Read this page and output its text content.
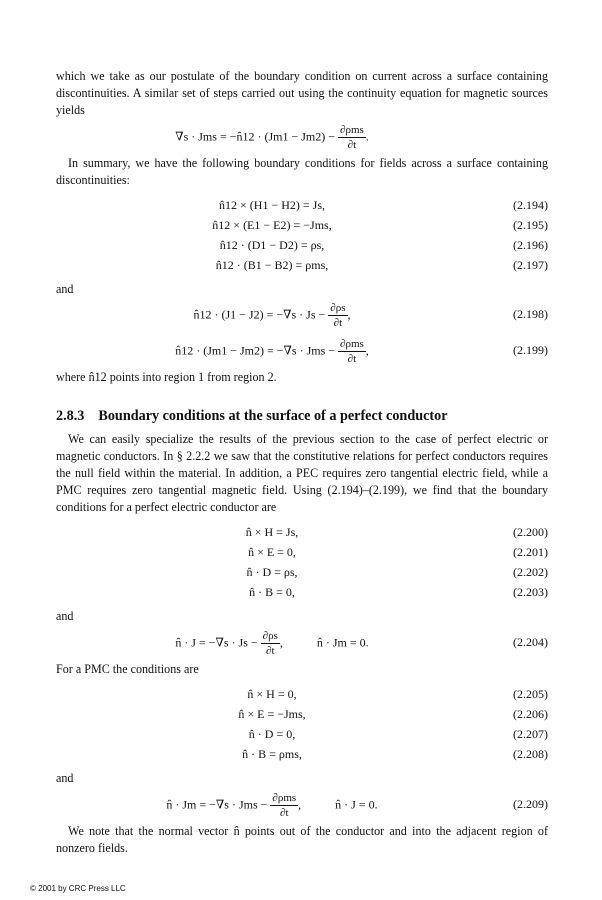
which we take as our postulate of the boundary condition on current across a surface containing discontinuities. A similar set of steps carried out using the continuity equation for magnetic sources yields

∇s · Jms = −n̂12 · $(Jm1 - Jm2) - \frac{\text{∂ρms}}{\partial t}$ .

In summary, we have the following boundary conditions for fields across a surface containing discontinuities:

n̂12 × (H1 − H2) = Js,	(2.194)
n̂12 × (E1 − E2) = −Jms,	(2.195)
n̂12 · (D1 − D2) = ρs,	(2.196)
n̂12 · (B1 − B2) = ρms,	(2.197)

and

n̂12 · $(J1 - J2) = -\nabla s \cdot Js - \frac{\partial\rho s}{\partial t}$ ,	(2.198)
n̂12 · (Jm1 − Jm2) = −∇s · Jms − $\frac{\text{∂ρms}}{\partial t}$ ,	(2.199)

where n̂12 points into region 1 from region 2.

2.8.3 Boundary conditions at the surface of a perfect conductor

We can easily specialize the results of the previous section to the case of perfect electric or magnetic conductors. In § 2.2.2 we saw that the constitutive relations for perfect conductors requires the null field within the material. In addition, a PEC requires zero tangential electric field, while a PMC requires zero tangential magnetic field. Using (2.194)–(2.199), we find that the boundary conditions for a perfect electric conductor are

n̂ × H = Js,	(2.200)
n̂ × E = 0,	(2.201)
n̂ · D = ρs,	(2.202)
n̂ · B = 0,	(2.203)

and

n̂ · $J = -\nabla s \cdot Js - \frac{\partial\rho s}{\partial t}$ ,	n̂ · Jm = 0.	(2.204)

For a PMC the conditions are

n̂ × H = 0,	(2.205)
n̂ × E = −Jms,	(2.206)
n̂ · D = 0,	(2.207)
n̂ · B = ρms,	(2.208)

and

n̂ · Jm = −∇s · Jms − $\frac{\text{∂ρms}}{\partial t}$ ,	n̂ · J = 0.	(2.209)

We note that the normal vector n̂ points out of the conductor and into the adjacent region of nonzero fields.

© 2001 by CRC Press LLC
